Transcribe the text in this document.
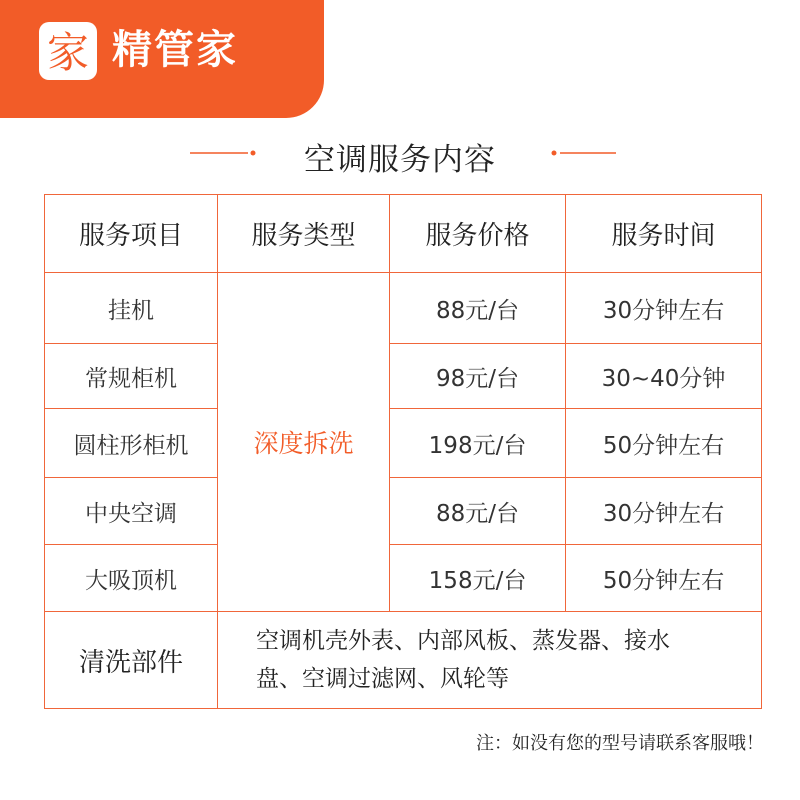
家 精管家
空调服务内容
服务项目	服务类型	服务价格	服务时间
挂机	深度拆洗	88元/台	30分钟左右
常规柜机		98元/台	30~40分钟
圆柱形柜机		198元/台	50分钟左右
中央空调		88元/台	30分钟左右
大吸顶机		158元/台	50分钟左右
清洗部件	空调机壳外表、内部风板、蒸发器、接水
盘、空调过滤网、风轮等		
注：如没有您的型号请联系客服哦！
